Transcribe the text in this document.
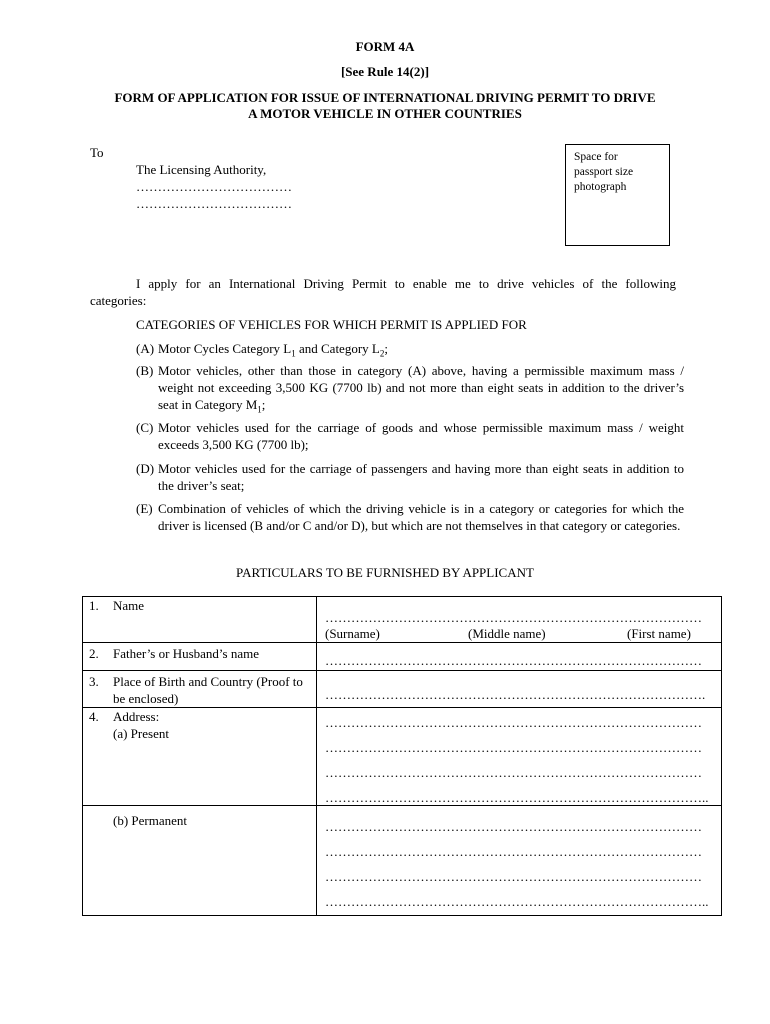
FORM 4A
[See Rule 14(2)]
FORM OF APPLICATION FOR ISSUE OF INTERNATIONAL DRIVING PERMIT TO DRIVE
A MOTOR VEHICLE IN OTHER COUNTRIES
To
The Licensing Authority,
………………………………
………………………………
Space for
passport size
photograph
I apply for an International Driving Permit to enable me to drive vehicles of the following
categories:
CATEGORIES OF VEHICLES FOR WHICH PERMIT IS APPLIED FOR
(A) Motor Cycles Category $L_1$ and Category $L_2$;
(B) Motor vehicles, other than those in category (A) above, having a permissible maximum mass / weight not exceeding 3,500 KG (7700 lb) and not more than eight seats in addition to the driver’s seat in Category $M_1$;
(C) Motor vehicles used for the carriage of goods and whose permissible maximum mass / weight exceeds 3,500 KG (7700 lb);
(D) Motor vehicles used for the carriage of passengers and having more than eight seats in addition to the driver’s seat;
(E) Combination of vehicles of which the driving vehicle is in a category or categories for which the driver is licensed (B and/or C and/or D), but which are not themselves in that category or categories.
PARTICULARS TO BE FURNISHED BY APPLICANT
1. Name	……………………………………………………………………………
(Surname) (Middle name) (First name)

2. Father’s or Husband’s name	……………………………………………………………………………

3. Place of Birth and Country (Proof to be enclosed)	…………………………………………………………………………….

4. Address:
(a) Present	……………………………………………………………………………
……………………………………………………………………………
……………………………………………………………………………
……………………………………………………………………………..

(b) Permanent	……………………………………………………………………………
……………………………………………………………………………
……………………………………………………………………………
……………………………………………………………………………..
